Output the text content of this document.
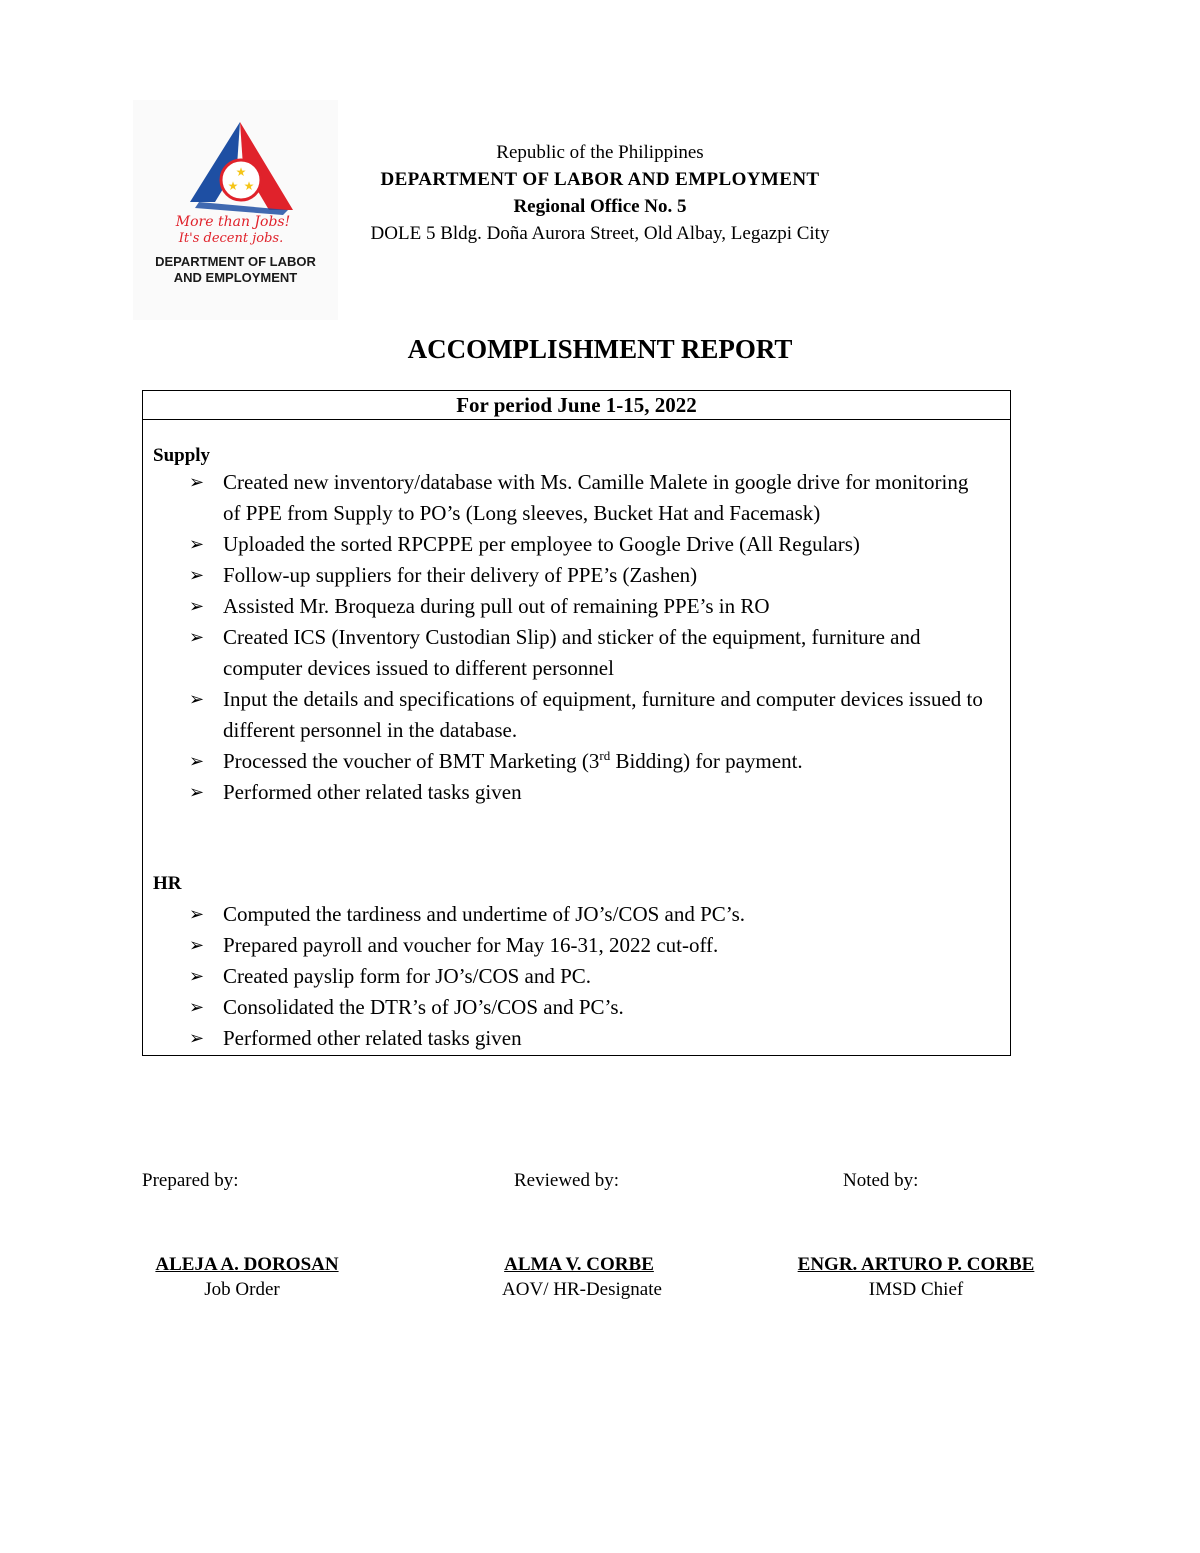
★
★ ★
More than Jobs!
It's decent jobs.
DEPARTMENT OF LABOR
AND EMPLOYMENT
Republic of the Philippines
DEPARTMENT OF LABOR AND EMPLOYMENT
Regional Office No. 5
DOLE 5 Bldg. Doña Aurora Street, Old Albay, Legazpi City
ACCOMPLISHMENT REPORT
For period June 1-15, 2022
Supply
➢ Created new inventory/database with Ms. Camille Malete in google drive for monitoring of PPE from Supply to PO’s (Long sleeves, Bucket Hat and Facemask)
➢ Uploaded the sorted RPCPPE per employee to Google Drive (All Regulars)
➢ Follow-up suppliers for their delivery of PPE’s (Zashen)
➢ Assisted Mr. Broqueza during pull out of remaining PPE’s in RO
➢ Created ICS (Inventory Custodian Slip) and sticker of the equipment, furniture and computer devices issued to different personnel
➢ Input the details and specifications of equipment, furniture and computer devices issued to different personnel in the database.
➢ Processed the voucher of BMT Marketing (3rd Bidding) for payment.
➢ Performed other related tasks given
HR
➢ Computed the tardiness and undertime of JO’s/COS and PC’s.
➢ Prepared payroll and voucher for May 16-31, 2022 cut-off.
➢ Created payslip form for JO’s/COS and PC.
➢ Consolidated the DTR’s of JO’s/COS and PC’s.
➢ Performed other related tasks given
Prepared by:	Reviewed by:	Noted by:
ALEJA A. DOROSAN
Job Order
ALMA V. CORBE
AOV/ HR-Designate
ENGR. ARTURO P. CORBE
IMSD Chief
